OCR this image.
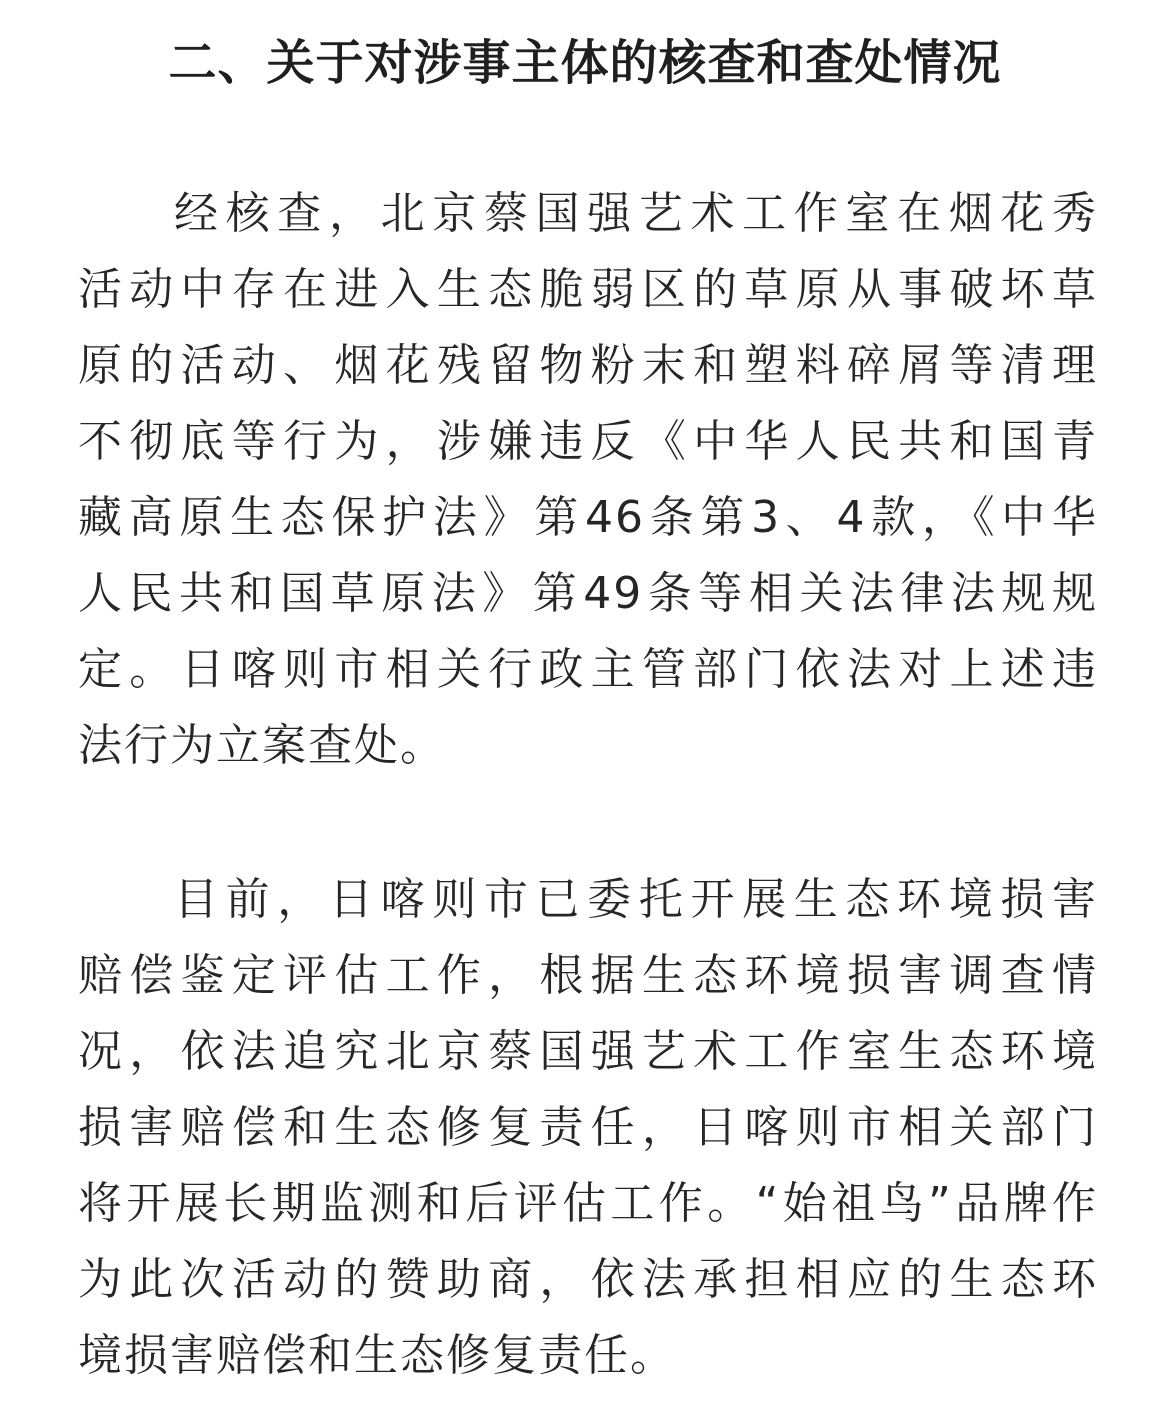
二、关于对涉事主体的核查和查处情况
经核查，北京蔡国强艺术工作室在烟花秀
活动中存在进入生态脆弱区的草原从事破坏草
原的活动、烟花残留物粉末和塑料碎屑等清理
不彻底等行为，涉嫌违反《中华人民共和国青
藏高原生态保护法》第46条第3、4款，《中华
人民共和国草原法》第49条等相关法律法规规
定。日喀则市相关行政主管部门依法对上述违
法行为立案查处。
目前，日喀则市已委托开展生态环境损害
赔偿鉴定评估工作，根据生态环境损害调查情
况，依法追究北京蔡国强艺术工作室生态环境
损害赔偿和生态修复责任，日喀则市相关部门
将开展长期监测和后评估工作。“始祖鸟”品牌作
为此次活动的赞助商，依法承担相应的生态环
境损害赔偿和生态修复责任。
